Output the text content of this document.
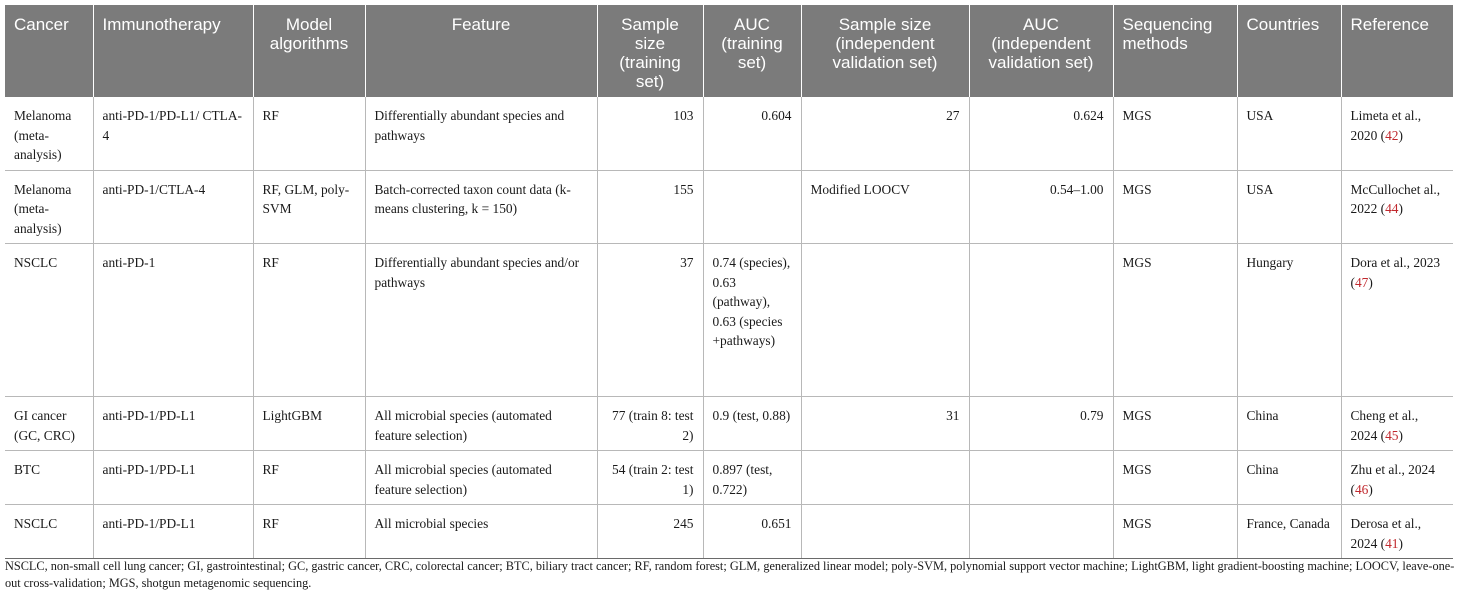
Cancer	Immunotherapy	Model algorithms	Feature	Sample size (training set)	AUC (training set)	Sample size (independent validation set)	AUC (independent validation set)	Sequencing methods	Countries	Reference
Melanoma (meta-analysis)	anti-PD-1/PD-L1/ CTLA-4	RF	Differentially abundant species and pathways	103	0.604	27	0.624	MGS	USA	Limeta et al., 2020 (42)
Melanoma (meta-analysis)	anti-PD-1/CTLA-4	RF, GLM, poly-SVM	Batch-corrected taxon count data (k-means clustering, k = 150)	155		Modified LOOCV	0.54–1.00	MGS	USA	McCullochet al., 2022 (44)
NSCLC	anti-PD-1	RF	Differentially abundant species and/or pathways	37	0.74 (species), 0.63 (pathway), 0.63 (species +pathways)			MGS	Hungary	Dora et al., 2023 (47)
GI cancer (GC, CRC)	anti-PD-1/PD-L1	LightGBM	All microbial species (automated feature selection)	77 (train 8: test 2)	0.9 (test, 0.88)	31	0.79	MGS	China	Cheng et al., 2024 (45)
BTC	anti-PD-1/PD-L1	RF	All microbial species (automated feature selection)	54 (train 2: test 1)	0.897 (test, 0.722)			MGS	China	Zhu et al., 2024 (46)
NSCLC	anti-PD-1/PD-L1	RF	All microbial species	245	0.651			MGS	France, Canada	Derosa et al., 2024 (41)
NSCLC, non-small cell lung cancer; GI, gastrointestinal; GC, gastric cancer, CRC, colorectal cancer; BTC, biliary tract cancer; RF, random forest; GLM, generalized linear model; poly-SVM, polynomial support vector machine; LightGBM, light gradient-boosting machine; LOOCV, leave-one-out cross-validation; MGS, shotgun metagenomic sequencing.
